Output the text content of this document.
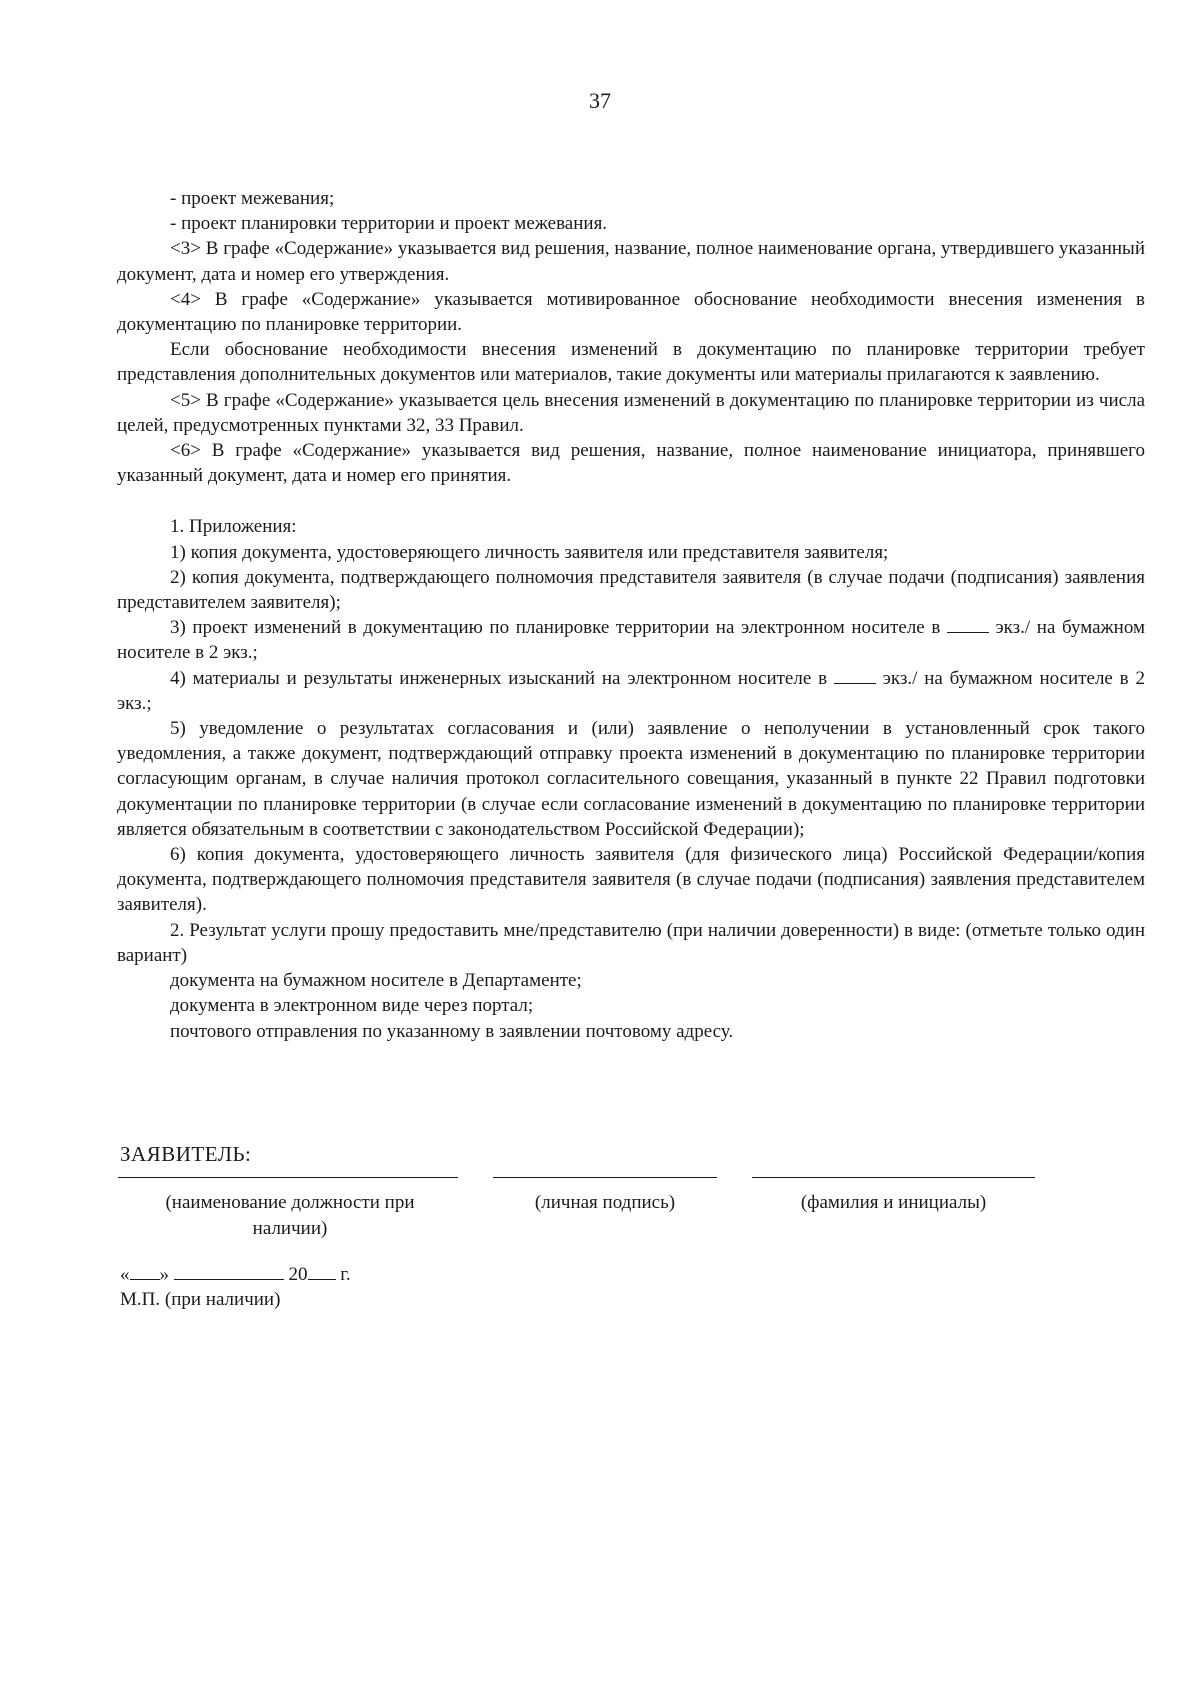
37

- проект межевания;

- проект планировки территории и проект межевания.

<3> В графе «Содержание» указывается вид решения, название, полное наименование органа, утвердившего указанный документ, дата и номер его утверждения.

<4> В графе «Содержание» указывается мотивированное обоснование необходимости внесения изменения в документацию по планировке территории.

Если обоснование необходимости внесения изменений в документацию по планировке территории требует представления дополнительных документов или материалов, такие документы или материалы прилагаются к заявлению.

<5> В графе «Содержание» указывается цель внесения изменений в документацию по планировке территории из числа целей, предусмотренных пунктами 32, 33 Правил.

<6> В графе «Содержание» указывается вид решения, название, полное наименование инициатора, принявшего указанный документ, дата и номер его принятия.

1. Приложения:

1) копия документа, удостоверяющего личность заявителя или представителя заявителя;

2) копия документа, подтверждающего полномочия представителя заявителя (в случае подачи (подписания) заявления представителем заявителя);

3) проект изменений в документацию по планировке территории на электронном носителе в	экз./ на бумажном носителе в 2 экз.;

4) материалы и результаты инженерных изысканий на электронном носителе в	экз./ на бумажном носителе в 2 экз.;

5) уведомление о результатах согласования и (или) заявление о неполучении в установленный срок такого уведомления, а также документ, подтверждающий отправку проекта изменений в документацию по планировке территории согласующим органам, в случае наличия протокол согласительного совещания, указанный в пункте 22 Правил подготовки документации по планировке территории (в случае если согласование изменений в документацию по планировке территории является обязательным в соответствии с законодательством Российской Федерации);

6) копия документа, удостоверяющего личность заявителя (для физического лица) Российской Федерации/копия документа, подтверждающего полномочия представителя заявителя (в случае подачи (подписания) заявления представителем заявителя).

2. Результат услуги прошу предоставить мне/представителю (при наличии доверенности) в виде: (отметьте только один вариант)

документа на бумажном носителе в Департаменте;

документа в электронном виде через портал;

почтового отправления по указанному в заявлении почтовому адресу.

ЗАЯВИТЕЛЬ:
(наименование должности при наличии)
(личная подпись)	(фамилия и инициалы)
« »	20 г.
М.П. (при наличии)
